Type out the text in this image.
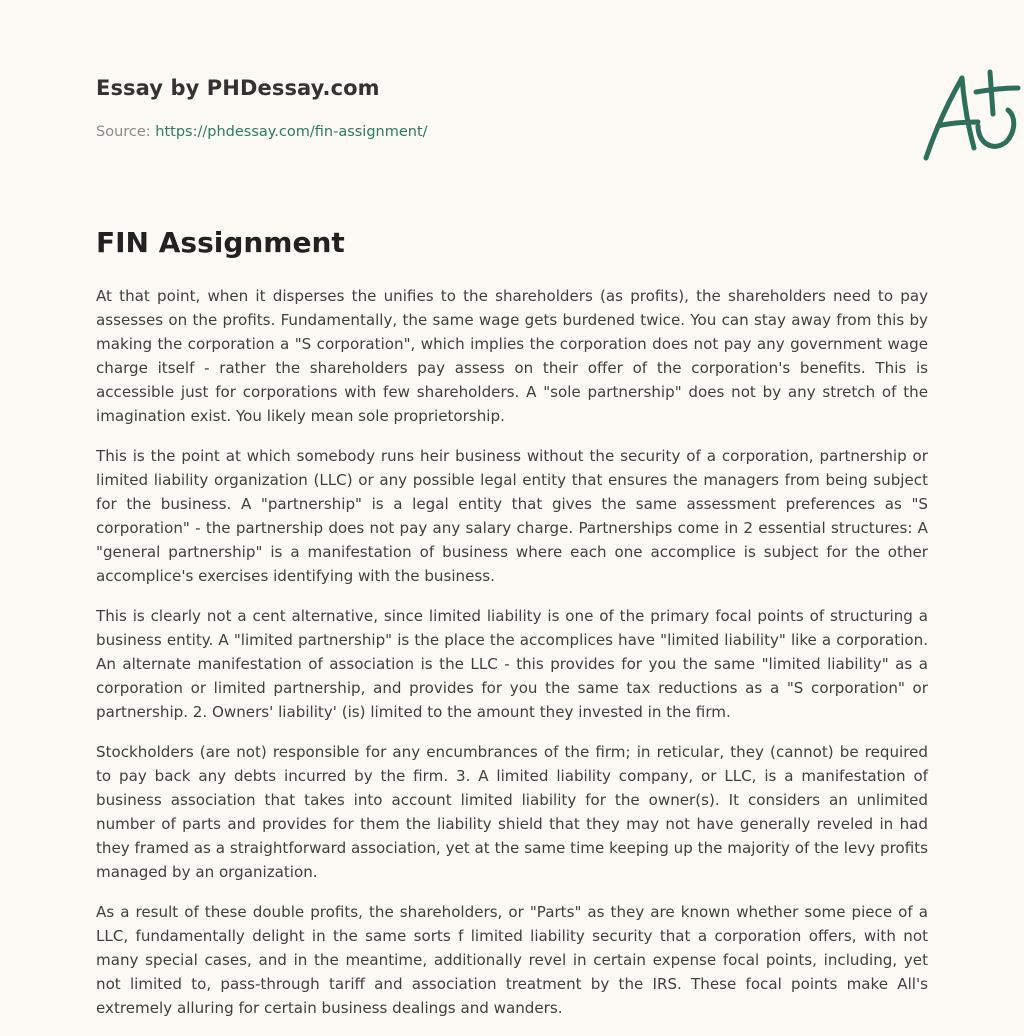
Essay by PHDessay.com
Source: https://phdessay.com/fin-assignment/
FIN Assignment

At that point, when it disperses the unifies to the shareholders (as profits), the shareholders need to pay assesses on the profits. Fundamentally, the same wage gets burdened twice. You can stay away from this by making the corporation a "S corporation", which implies the corporation does not pay any government wage charge itself - rather the shareholders pay assess on their offer of the corporation's benefits. This is accessible just for corporations with few shareholders. A "sole partnership" does not by any stretch of the imagination exist. You likely mean sole proprietorship.

This is the point at which somebody runs heir business without the security of a corporation, partnership or limited liability organization (LLC) or any possible legal entity that ensures the managers from being subject for the business. A "partnership" is a legal entity that gives the same assessment preferences as "S corporation" - the partnership does not pay any salary charge. Partnerships come in 2 essential structures: A "general partnership" is a manifestation of business where each one accomplice is subject for the other accomplice's exercises identifying with the business.

This is clearly not a cent alternative, since limited liability is one of the primary focal points of structuring a business entity. A "limited partnership" is the place the accomplices have "limited liability" like a corporation. An alternate manifestation of association is the LLC - this provides for you the same "limited liability" as a corporation or limited partnership, and provides for you the same tax reductions as a "S corporation" or partnership. 2. Owners' liability' (is) limited to the amount they invested in the firm.

Stockholders (are not) responsible for any encumbrances of the firm; in reticular, they (cannot) be required to pay back any debts incurred by the firm. 3. A limited liability company, or LLC, is a manifestation of business association that takes into account limited liability for the owner(s). It considers an unlimited number of parts and provides for them the liability shield that they may not have generally reveled in had they framed as a straightforward association, yet at the same time keeping up the majority of the levy profits managed by an organization.

As a result of these double profits, the shareholders, or "Parts" as they are known whether some piece of a LLC, fundamentally delight in the same sorts f limited liability security that a corporation offers, with not many special cases, and in the meantime, additionally revel in certain expense focal points, including, yet not limited to, pass-through tariff and association treatment by the IRS. These focal points make All's extremely alluring for certain business dealings and wanders.
